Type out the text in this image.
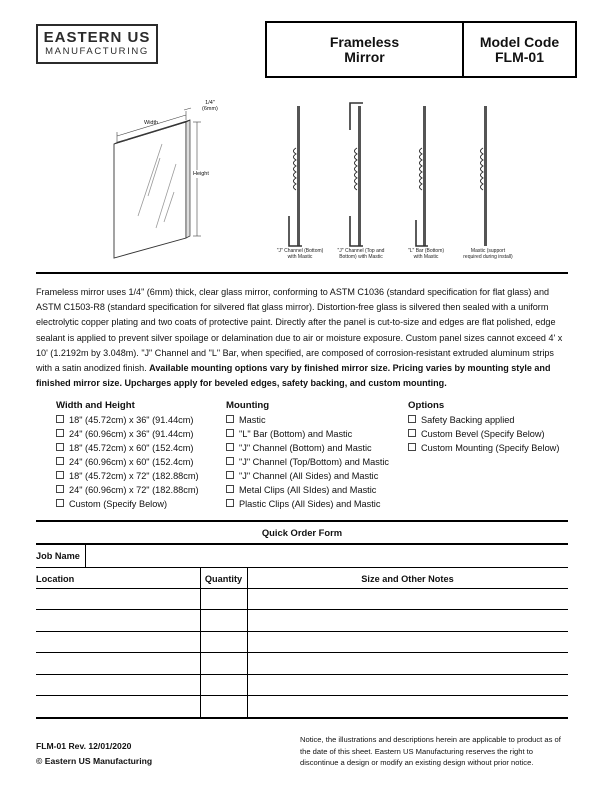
EASTERN US
MANUFACTURING
Frameless
Mirror
Model Code
FLM-01
1/4"
(6mm)
Width
Height
"J" Channel (Bottom)
with Mastic
"J" Channel (Top and
Bottom) with Mastic
"L" Bar (Bottom)
with Mastic
Mastic (support
required during install)
Frameless mirror uses 1/4" (6mm) thick, clear glass mirror, conforming to ASTM C1036 (standard specification for flat glass) and ASTM C1503-R8 (standard specification for silvered flat glass mirror). Distortion-free glass is silvered then sealed with a uniform electrolytic copper plating and two coats of protective paint. Directly after the panel is cut-to-size and edges are flat polished, edge sealant is applied to prevent silver spoilage or delamination due to air or moisture exposure. Custom panel sizes cannot exceed 4' x 10' (1.2192m by 3.048m). "J" Channel and "L" Bar, when specified, are composed of corrosion-resistant extruded aluminum strips with a satin anodized finish. Available mounting options vary by finished mirror size. Pricing varies by mounting style and finished mirror size. Upcharges apply for beveled edges, safety backing, and custom mounting.
Width and Height
18" (45.72cm) x 36" (91.44cm)
24" (60.96cm) x 36" (91.44cm)
18" (45.72cm) x 60" (152.4cm)
24" (60.96cm) x 60" (152.4cm)
18" (45.72cm) x 72" (182.88cm)
24" (60.96cm) x 72" (182.88cm)
Custom (Specify Below)
Mounting
Mastic
"L" Bar (Bottom) and Mastic
"J" Channel (Bottom) and Mastic
"J" Channel (Top/Bottom) and Mastic
"J" Channel (All Sides) and Mastic
Metal Clips (All SIdes) and Mastic
Plastic Clips (All Sides) and Mastic
Options
Safety Backing applied
Custom Bevel (Specify Below)
Custom Mounting (Specify Below)
Quick Order Form
Job Name
Location	Quantity	Size and Other Notes
FLM-01 Rev. 12/01/2020
© Eastern US Manufacturing
Notice, the illustrations and descriptions herein are applicable to product as of the date of this sheet. Eastern US Manufacturing reserves the right to discontinue a design or modify an existing design without prior notice.
